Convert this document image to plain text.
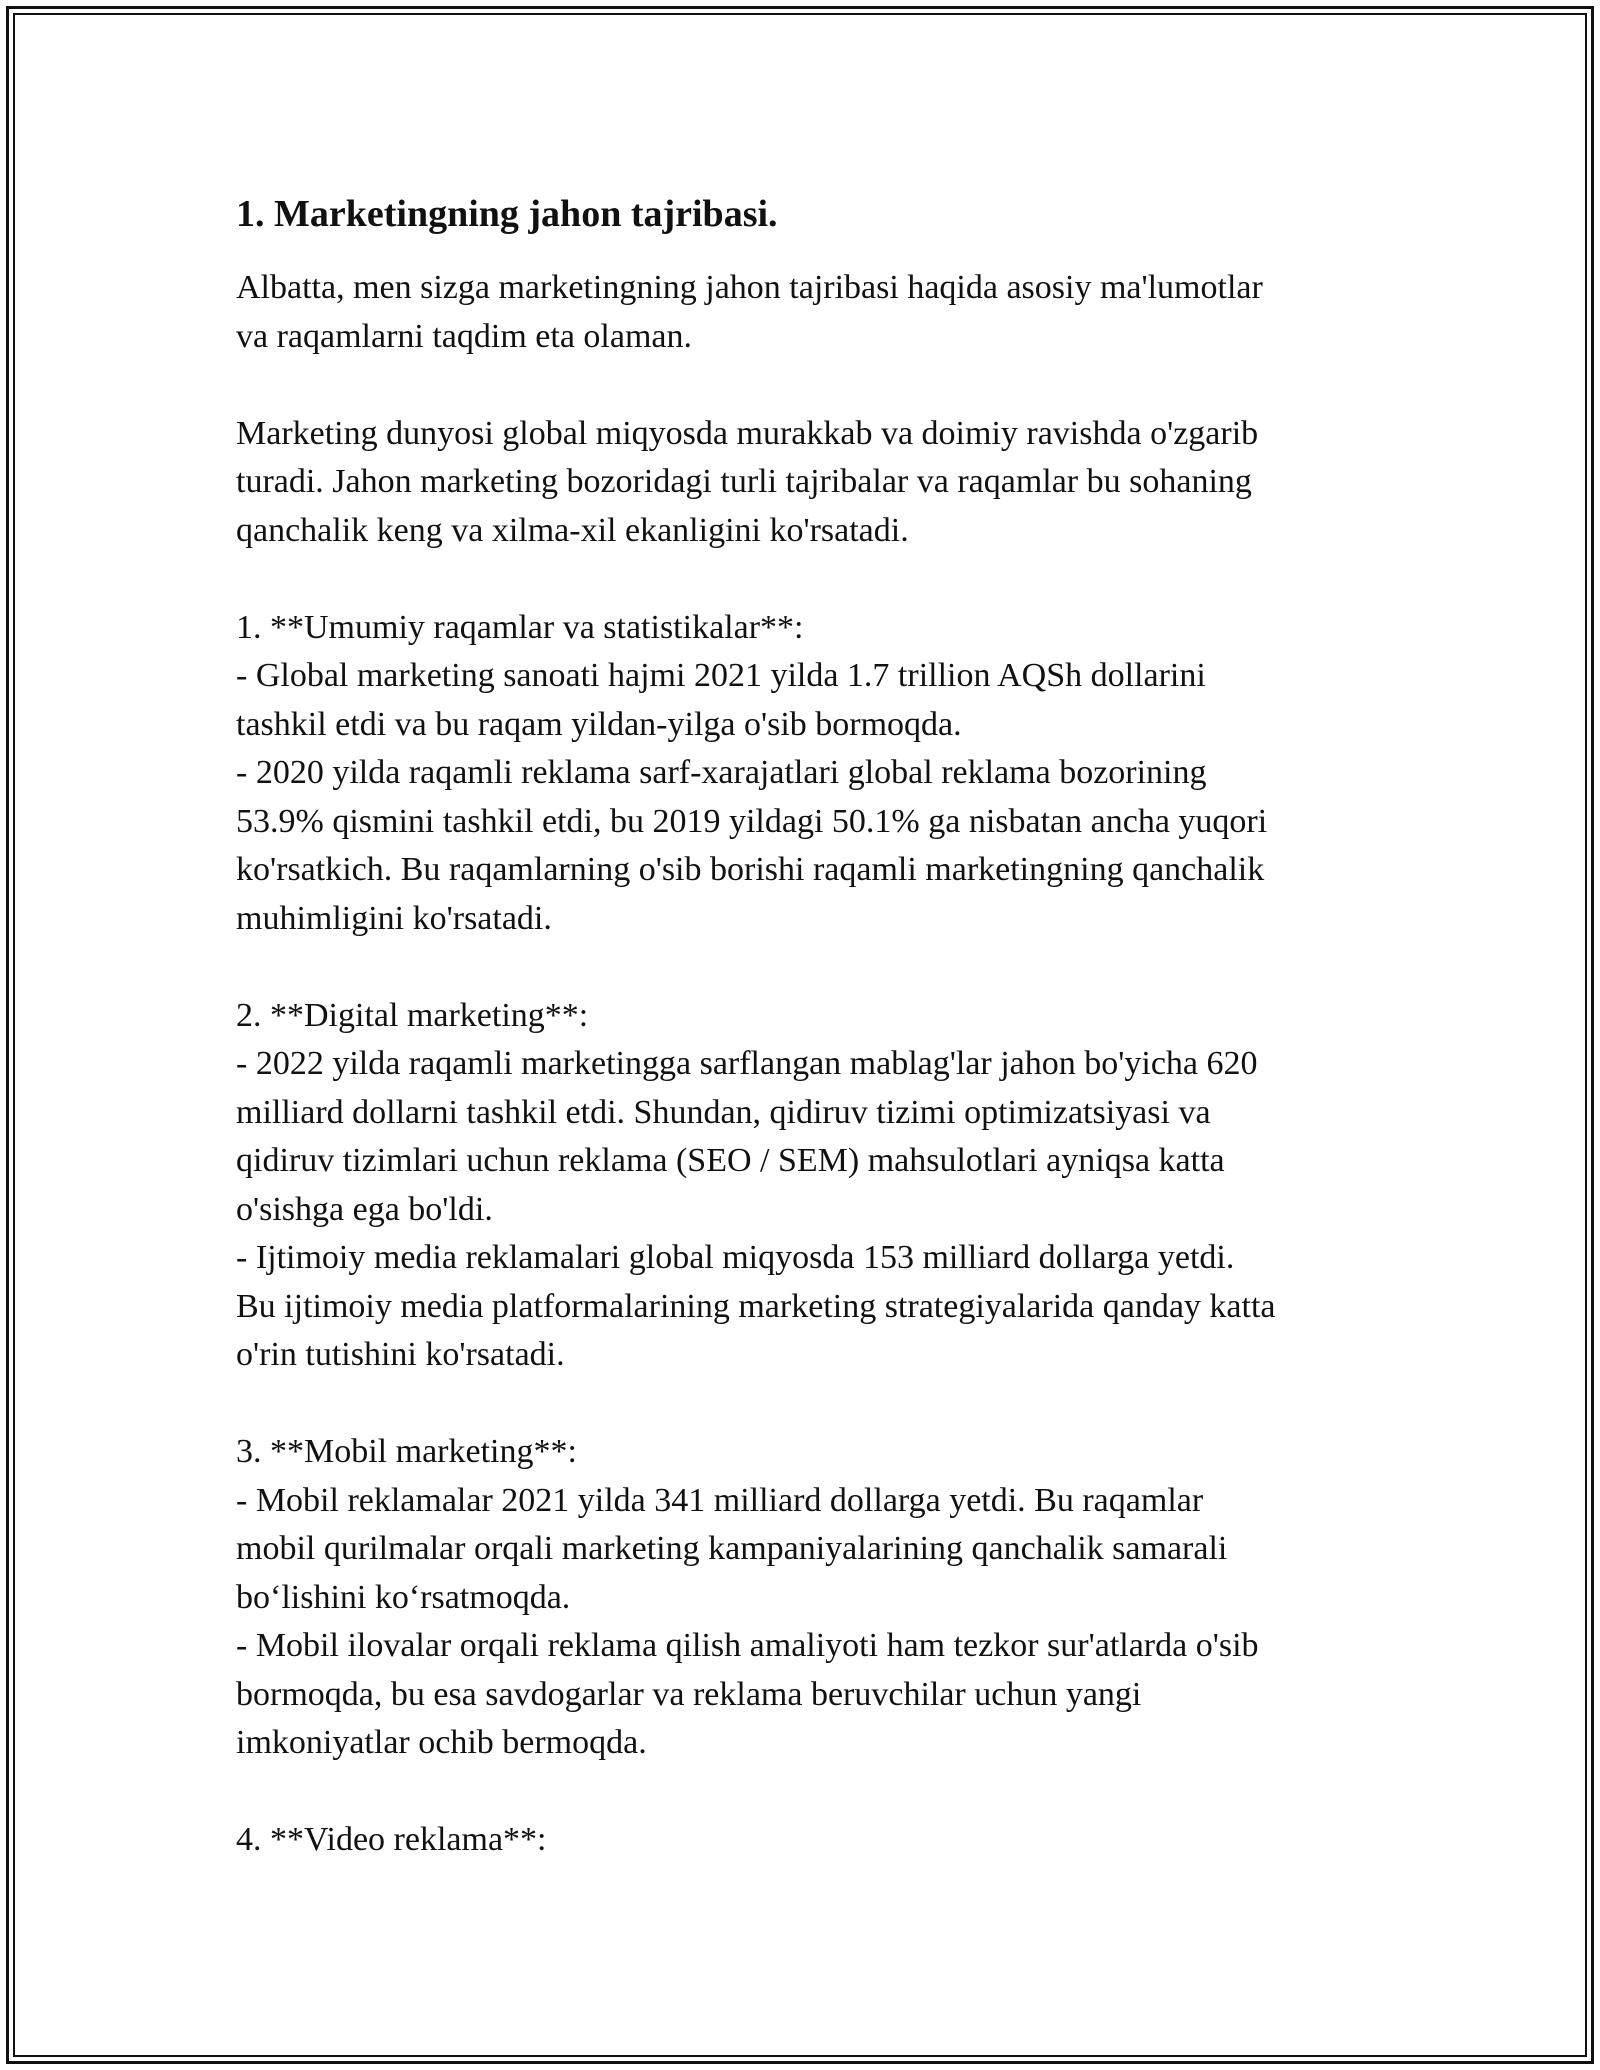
1. Marketingning jahon tajribasi.

Albatta, men sizga marketingning jahon tajribasi haqida asosiy ma'lumotlar
va raqamlarni taqdim eta olaman.

Marketing dunyosi global miqyosda murakkab va doimiy ravishda o'zgarib
turadi. Jahon marketing bozoridagi turli tajribalar va raqamlar bu sohaning
qanchalik keng va xilma-xil ekanligini ko'rsatadi.

1. **Umumiy raqamlar va statistikalar**:
- Global marketing sanoati hajmi 2021 yilda 1.7 trillion AQSh dollarini
tashkil etdi va bu raqam yildan-yilga o'sib bormoqda.
- 2020 yilda raqamli reklama sarf-xarajatlari global reklama bozorining
53.9% qismini tashkil etdi, bu 2019 yildagi 50.1% ga nisbatan ancha yuqori
ko'rsatkich. Bu raqamlarning o'sib borishi raqamli marketingning qanchalik
muhimligini ko'rsatadi.

2. **Digital marketing**:
- 2022 yilda raqamli marketingga sarflangan mablag'lar jahon bo'yicha 620
milliard dollarni tashkil etdi. Shundan, qidiruv tizimi optimizatsiyasi va
qidiruv tizimlari uchun reklama (SEO / SEM) mahsulotlari ayniqsa katta
o'sishga ega bo'ldi.
- Ijtimoiy media reklamalari global miqyosda 153 milliard dollarga yetdi.
Bu ijtimoiy media platformalarining marketing strategiyalarida qanday katta
o'rin tutishini ko'rsatadi.

3. **Mobil marketing**:
- Mobil reklamalar 2021 yilda 341 milliard dollarga yetdi. Bu raqamlar
mobil qurilmalar orqali marketing kampaniyalarining qanchalik samarali
bo‘lishini ko‘rsatmoqda.
- Mobil ilovalar orqali reklama qilish amaliyoti ham tezkor sur'atlarda o'sib
bormoqda, bu esa savdogarlar va reklama beruvchilar uchun yangi
imkoniyatlar ochib bermoqda.

4. **Video reklama**:
